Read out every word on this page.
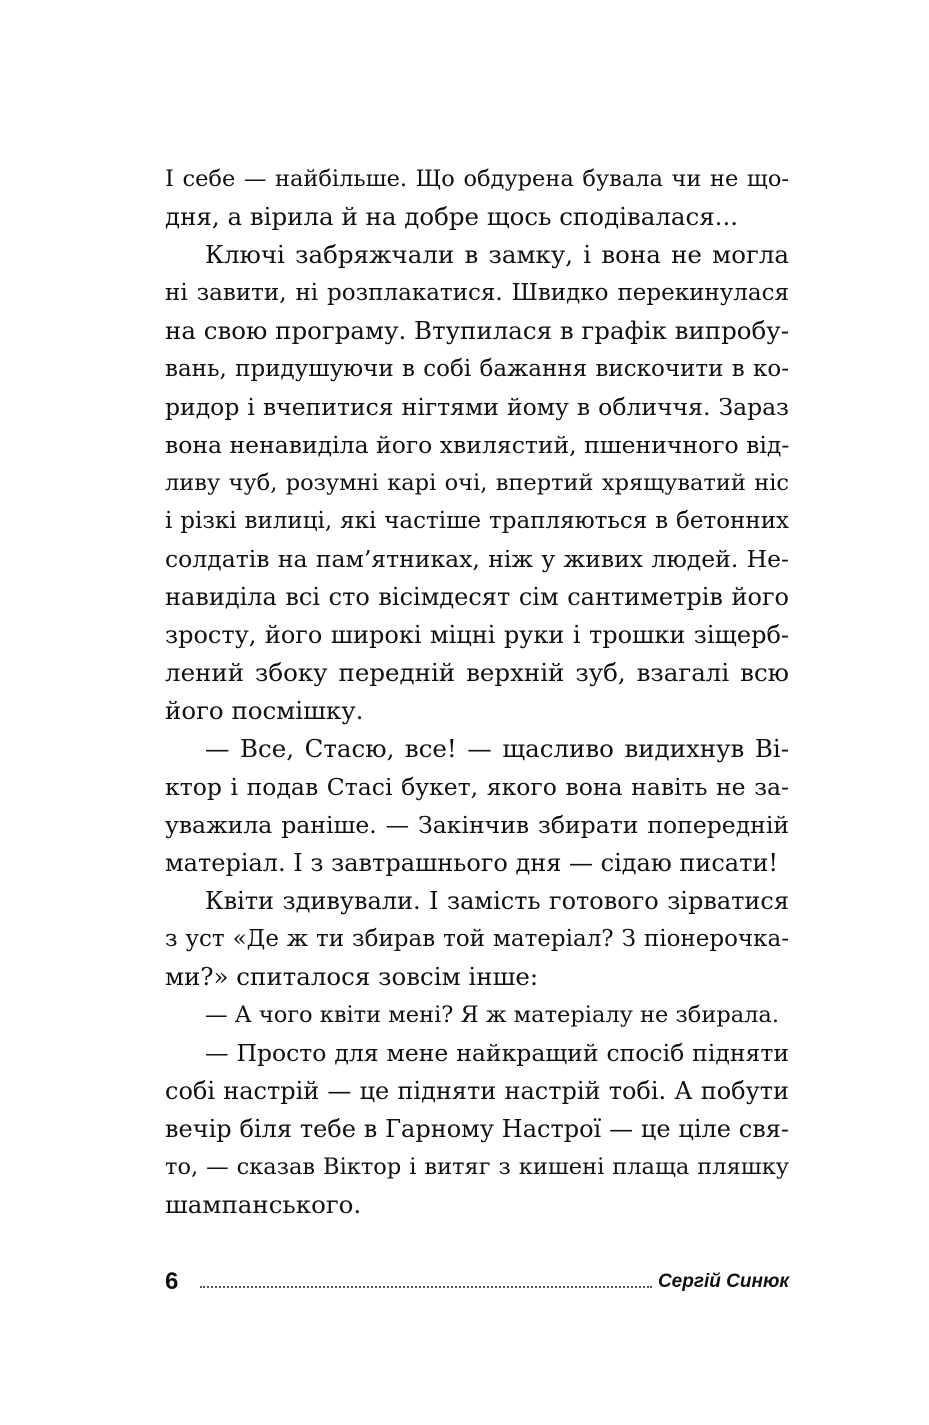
І себе — найбільше. Що обдурена бувала чи не що-
дня, а вірила й на добре щось сподівалася...
Ключі забряжчали в замку, і вона не могла
ні завити, ні розплакатися. Швидко перекинулася
на свою програму. Втупилася в графік випробу-
вань, придушуючи в собі бажання вискочити в ко-
ридор і вчепитися нігтями йому в обличчя. Зараз
вона ненавиділа його хвилястий, пшеничного від-
ливу чуб, розумні карі очі, впертий хрящуватий ніс
і різкі вилиці, які частіше трапляються в бетонних
солдатів на пам’ятниках, ніж у живих людей. Не-
навиділа всі сто вісімдесят сім сантиметрів його
зросту, його широкі міцні руки і трошки зіщерб-
лений збоку передній верхній зуб, взагалі всю
його посмішку.
— Все, Стасю, все! — щасливо видихнув Ві-
ктор і подав Стасі букет, якого вона навіть не за-
уважила раніше. — Закінчив збирати попередній
матеріал. І з завтрашнього дня — сідаю писати!
Квіти здивували. І замість готового зірватися
з уст «Де ж ти збирав той матеріал? З піонерочка-
ми?» спиталося зовсім інше:
— А чого квіти мені? Я ж матеріалу не збирала.
— Просто для мене найкращий спосіб підняти
собі настрій — це підняти настрій тобі. А побути
вечір біля тебе в Гарному Настрої — це ціле свя-
то, — сказав Віктор і витяг з кишені плаща пляшку
шампанського.
6	Сергій Синюк
